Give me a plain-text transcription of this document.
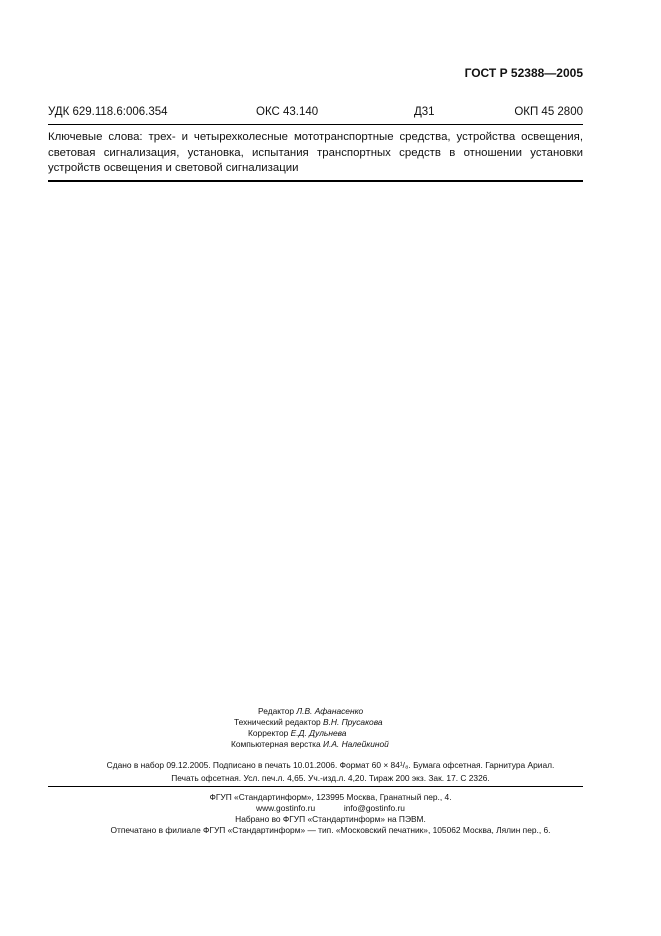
ГОСТ Р 52388—2005
УДК 629.118.6:006.354	ОКС 43.140	Д31	ОКП 45 2800
Ключевые слова: трех- и четырехколесные мототранспортные средства, устройства освещения, световая сигнализация, установка, испытания транспортных средств в отношении установки устройств освещения и световой сигнализации
Редактор Л.В. Афанасенко
Технический редактор В.Н. Прусакова
Корректор Е.Д. Дульнева
Компьютерная верстка И.А. Налейкиной
Сдано в набор 09.12.2005. Подписано в печать 10.01.2006. Формат 60 × 84¹/₈. Бумага офсетная. Гарнитура Ариал.
Печать офсетная. Усл. печ.л. 4,65. Уч.-изд.л. 4,20. Тираж 200 экз. Зак. 17. С 2326.
ФГУП «Стандартинформ», 123995 Москва, Гранатный пер., 4.
www.gostinfo.ru	info@gostinfo.ru
Набрано во ФГУП «Стандартинформ» на ПЭВМ.
Отпечатано в филиале ФГУП «Стандартинформ» — тип. «Московский печатник», 105062 Москва, Лялин пер., 6.
